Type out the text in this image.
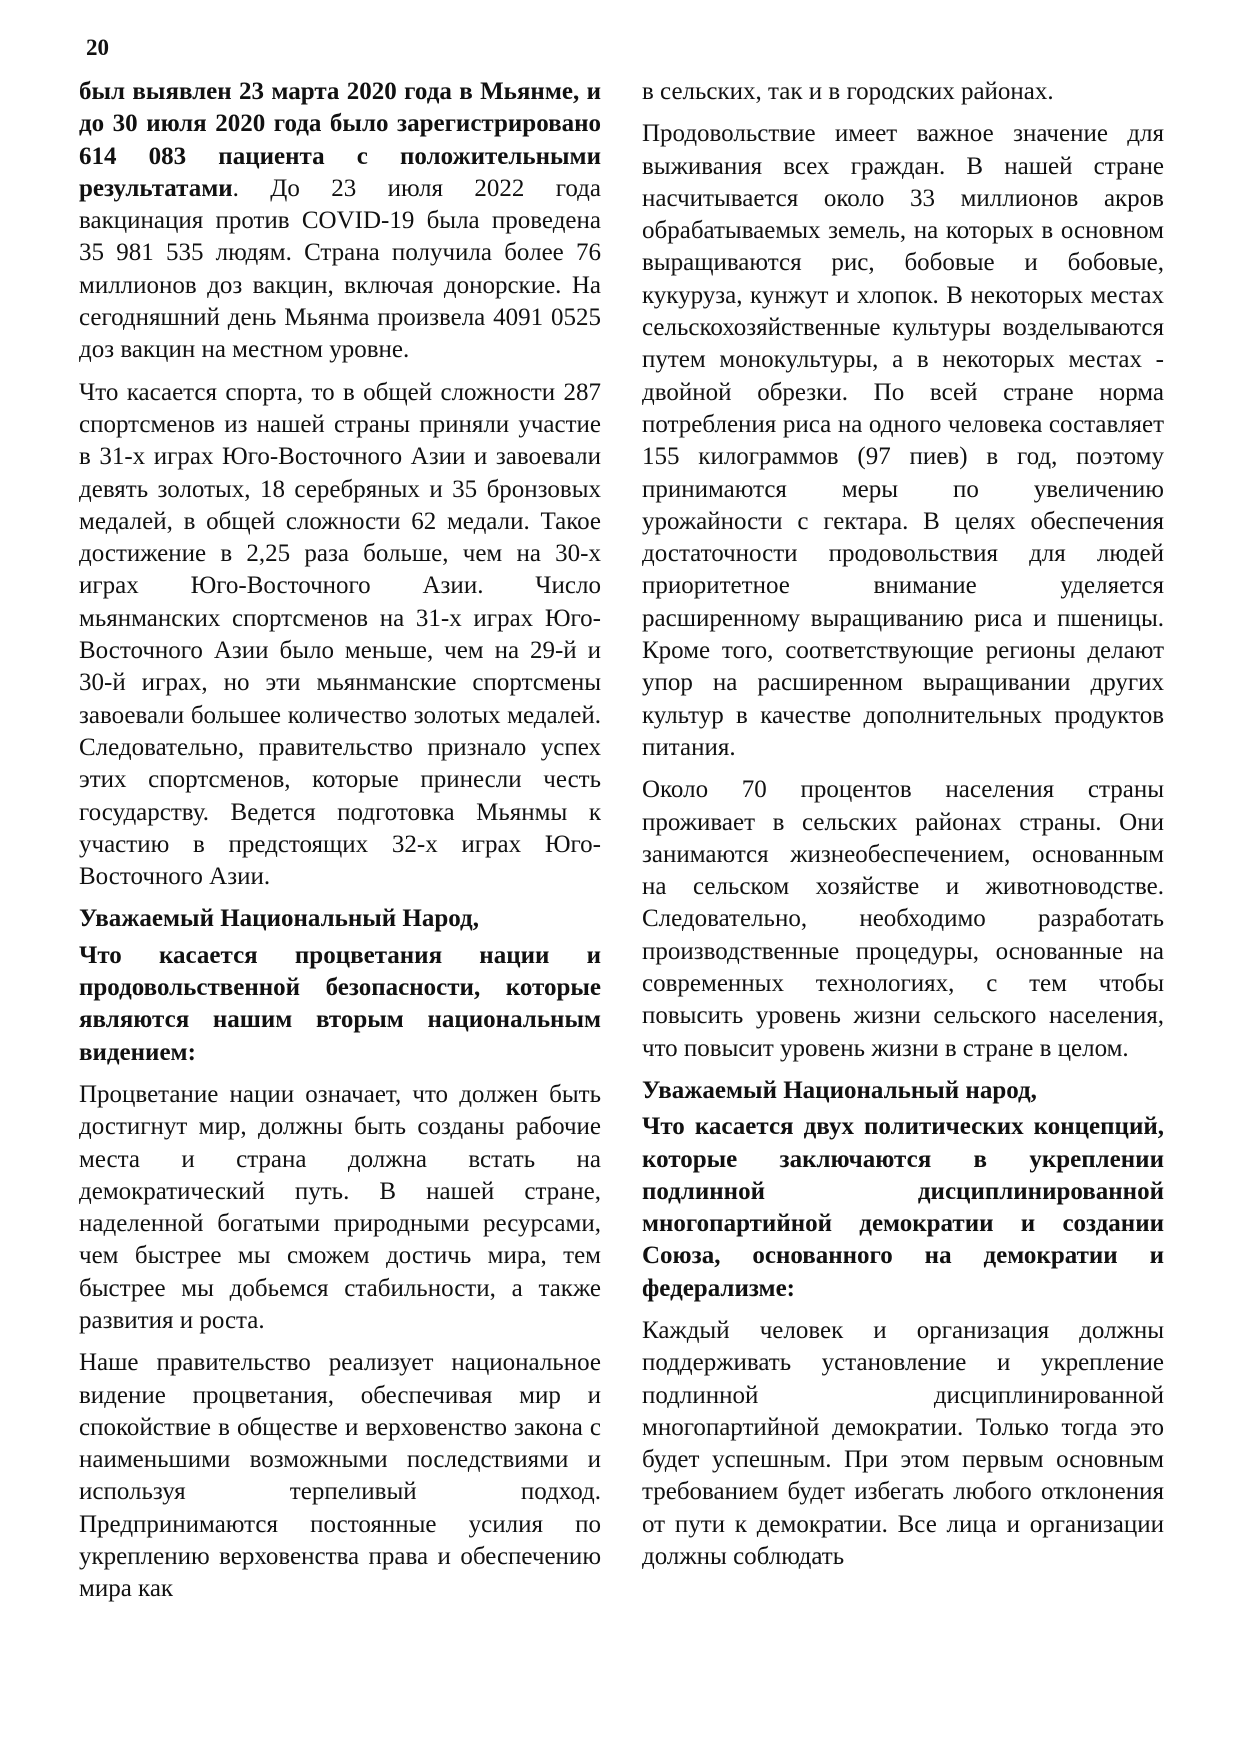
20

был выявлен 23 марта 2020 года в Мьянме, и до 30 июля 2020 года было зарегистрировано 614 083 пациента с положительными результатами. До 23 июля 2022 года вакцинация против COVID-19 была проведена 35 981 535 людям. Страна получила более 76 миллионов доз вакцин, включая донорские. На сегодняшний день Мьянма произвела 4091 0525 доз вакцин на местном уровне.

Что касается спорта, то в общей сложности 287 спортсменов из нашей страны приняли участие в 31-х играх Юго-Восточного Азии и завоевали девять золотых, 18 серебряных и 35 бронзовых медалей, в общей сложности 62 медали. Такое достижение в 2,25 раза больше, чем на 30-х играх Юго-Восточного Азии. Число мьянманских спортсменов на 31-х играх Юго-Восточного Азии было меньше, чем на 29-й и 30-й играх, но эти мьянманские спортсмены завоевали большее количество золотых медалей. Следовательно, правительство признало успех этих спортсменов, которые принесли честь государству. Ведется подготовка Мьянмы к участию в предстоящих 32-х играх Юго-Восточного Азии.

Уважаемый Национальный Народ,

Что касается процветания нации и продовольственной безопасности, которые являются нашим вторым национальным видением:

Процветание нации означает, что должен быть достигнут мир, должны быть созданы рабочие места и страна должна встать на демократический путь. В нашей стране, наделенной богатыми природными ресурсами, чем быстрее мы сможем достичь мира, тем быстрее мы добьемся стабильности, а также развития и роста.

Наше правительство реализует национальное видение процветания, обеспечивая мир и спокойствие в обществе и верховенство закона с наименьшими возможными последствиями и используя терпеливый подход. Предпринимаются постоянные усилия по укреплению верховенства права и обеспечению мира как

в сельских, так и в городских районах.

Продовольствие имеет важное значение для выживания всех граждан. В нашей стране насчитывается около 33 миллионов акров обрабатываемых земель, на которых в основном выращиваются рис, бобовые и бобовые, кукуруза, кунжут и хлопок. В некоторых местах сельскохозяйственные культуры возделываются путем монокультуры, а в некоторых местах - двойной обрезки. По всей стране норма потребления риса на одного человека составляет 155 килограммов (97 пиев) в год, поэтому принимаются меры по увеличению урожайности с гектара. В целях обеспечения достаточности продовольствия для людей приоритетное внимание уделяется расширенному выращиванию риса и пшеницы. Кроме того, соответствующие регионы делают упор на расширенном выращивании других культур в качестве дополнительных продуктов питания.

Около 70 процентов населения страны проживает в сельских районах страны. Они занимаются жизнеобеспечением, основанным на сельском хозяйстве и животноводстве. Следовательно, необходимо разработать производственные процедуры, основанные на современных технологиях, с тем чтобы повысить уровень жизни сельского населения, что повысит уровень жизни в стране в целом.

Уважаемый Национальный народ,

Что касается двух политических концепций, которые заключаются в укреплении подлинной дисциплинированной многопартийной демократии и создании Союза, основанного на демократии и федерализме:

Каждый человек и организация должны поддерживать установление и укрепление подлинной дисциплинированной многопартийной демократии. Только тогда это будет успешным. При этом первым основным требованием будет избегать любого отклонения от пути к демократии. Все лица и организации должны соблюдать
